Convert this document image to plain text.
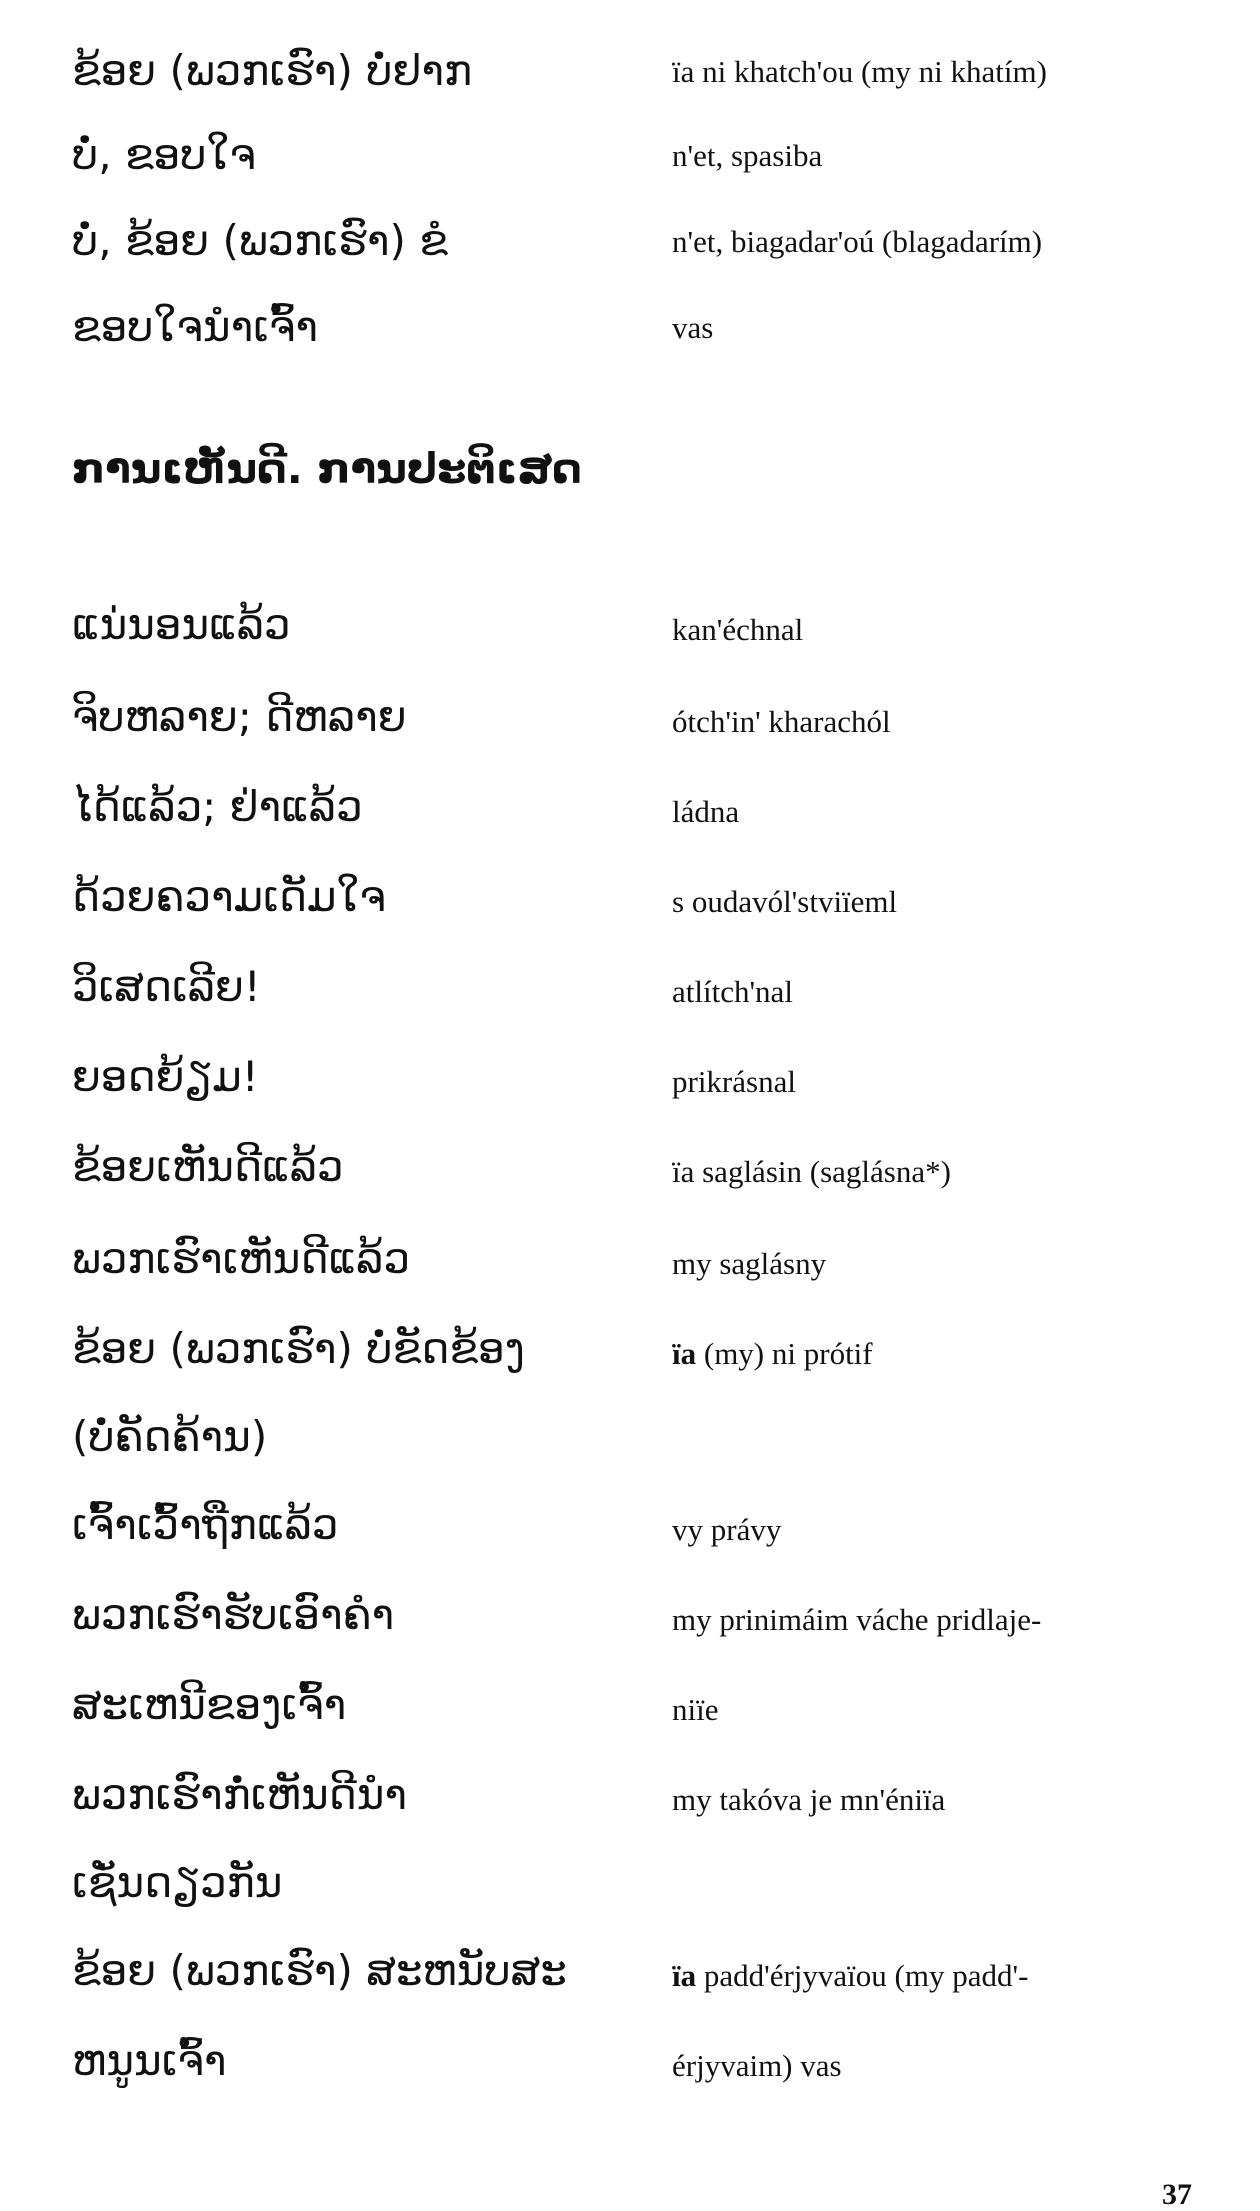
ຂ້ອຍ (ພວກເຮົາ) ບໍ່ຢາກ	ïa ni khatch'ou (my ni khatím)
ບໍ່, ຂອບໃຈ	n'et, spasiba
ບໍ່, ຂ້ອຍ (ພວກເຮົາ) ຂໍ	n'et, biagadar'oú (blagadarím)
ຂອບໃຈນຳເຈົ້າ	vas
ການເຫັນດີ. ການປະຕິເສດ
ແນ່ນອນແລ້ວ	kan'échnal
ຈິບຫລາຍ; ດີຫລາຍ	ótch'in' kharachól
ໄດ້ແລ້ວ; ຢ່າແລ້ວ	ládna
ດ້ວຍຄວາມເດັມໃຈ	s oudavól'stviïeml
ວິເສດເລີຍ!	atlítch'nal
ຍອດຍ້ຽມ!	prikrásnal
ຂ້ອຍເຫັນດີແລ້ວ	ïa saglásin (saglásna*)
ພວກເຮົາເຫັນດີແລ້ວ	my saglásny
ຂ້ອຍ (ພວກເຮົາ) ບໍ່ຂັດຂ້ອງ	ïa (my) ni prótif
(ບໍ່ຄັດຄ້ານ)
ເຈົ້າເວົ້າຖືກແລ້ວ	vy právy
ພວກເຮົາຮັບເອົາຄຳ	my prinimáim váche pridlaje-
ສະເຫນີຂອງເຈົ້າ	niïe
ພວກເຮົາກໍ່ເຫັນດີນຳ	my takóva je mn'éniïa
ເຊັ່ນດຽວກັນ
ຂ້ອຍ (ພວກເຮົາ) ສະຫນັບສະ	ïa padd'érjyvaïou (my padd'-
ຫນູນເຈົ້າ	érjyvaim) vas
37
